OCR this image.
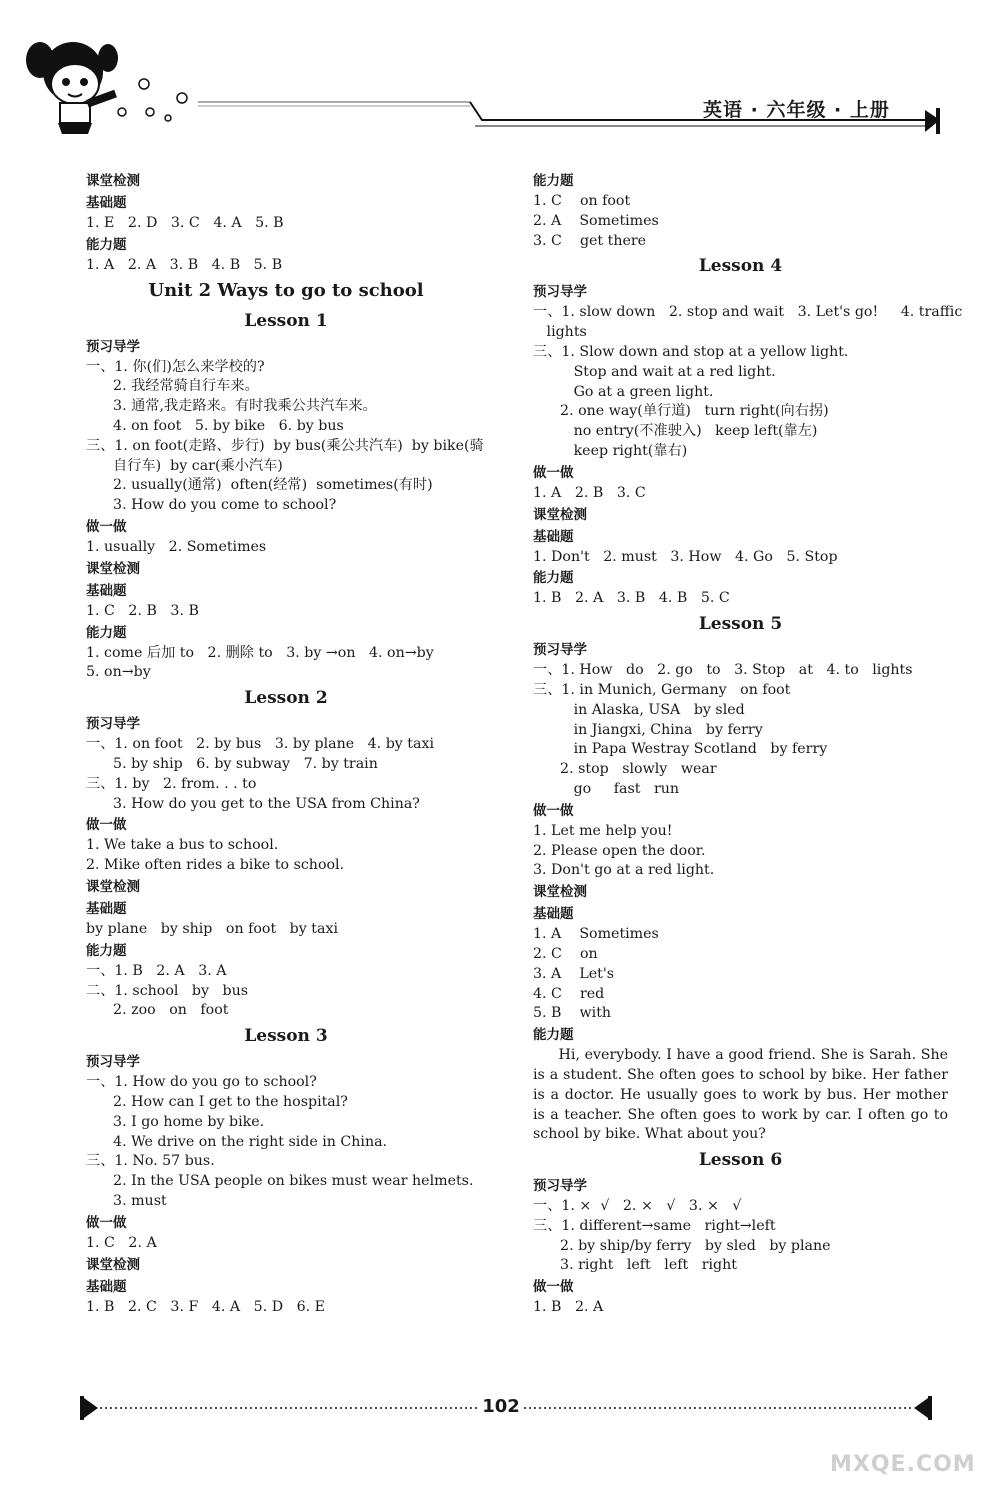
英语 · 六年级 · 上册
课堂检测
基础题
1. E   2. D   3. C   4. A   5. B
能力题
1. A   2. A   3. B   4. B   5. B
Unit 2 Ways to go to school
Lesson 1
预习导学
一、1. 你(们)怎么来学校的?
2. 我经常骑自行车来。
3. 通常,我走路来。有时我乘公共汽车来。
4. on foot   5. by bike   6. by bus
三、1. on foot(走路、步行)  by bus(乘公共汽车)  by bike(骑
自行车)  by car(乘小汽车)
2. usually(通常)  often(经常)  sometimes(有时)
3. How do you come to school?
做一做
1. usually   2. Sometimes
课堂检测
基础题
1. C   2. B   3. B
能力题
1. come 后加 to   2. 删除 to   3. by →on   4. on→by
5. on→by
Lesson 2
预习导学
一、1. on foot   2. by bus   3. by plane   4. by taxi
5. by ship   6. by subway   7. by train
三、1. by   2. from. . . to
3. How do you get to the USA from China?
做一做
1. We take a bus to school.
2. Mike often rides a bike to school.
课堂检测
基础题
by plane   by ship   on foot   by taxi
能力题
一、1. B   2. A   3. A
二、1. school   by   bus
2. zoo   on   foot
Lesson 3
预习导学
一、1. How do you go to school?
2. How can I get to the hospital?
3. I go home by bike.
4. We drive on the right side in China.
三、1. No. 57 bus.
2. In the USA people on bikes must wear helmets.
3. must
做一做
1. C   2. A
课堂检测
基础题
1. B   2. C   3. F   4. A   5. D   6. E
能力题
1. C    on foot
2. A    Sometimes
3. C    get there
Lesson 4
预习导学
一、1. slow down   2. stop and wait   3. Let's go!     4. traffic
lights
三、1. Slow down and stop at a yellow light.
Stop and wait at a red light.
Go at a green light.
2. one way(单行道)   turn right(向右拐)
no entry(不准驶入)   keep left(靠左)
keep right(靠右)
做一做
1. A   2. B   3. C
课堂检测
基础题
1. Don't   2. must   3. How   4. Go   5. Stop
能力题
1. B   2. A   3. B   4. B   5. C
Lesson 5
预习导学
一、1. How   do   2. go   to   3. Stop   at   4. to   lights
三、1. in Munich, Germany   on foot
in Alaska, USA   by sled
in Jiangxi, China   by ferry
in Papa Westray Scotland   by ferry
2. stop   slowly   wear
go     fast   run
做一做
1. Let me help you!
2. Please open the door.
3. Don't go at a red light.
课堂检测
基础题
1. A    Sometimes
2. C    on
3. A    Let's
4. C    red
5. B    with
能力题

Hi, everybody. I have a good friend. She is Sarah. She is a student. She often goes to school by bike. Her father is a doctor. He usually goes to work by bus. Her mother is a teacher. She often goes to work by car. I often go to school by bike. What about you?

Lesson 6
预习导学
一、1. ×  √   2. ×   √   3. ×   √
三、1. different→same   right→left
2. by ship/by ferry   by sled   by plane
3. right   left   left   right
做一做
1. B   2. A
102
MXQE.COM
